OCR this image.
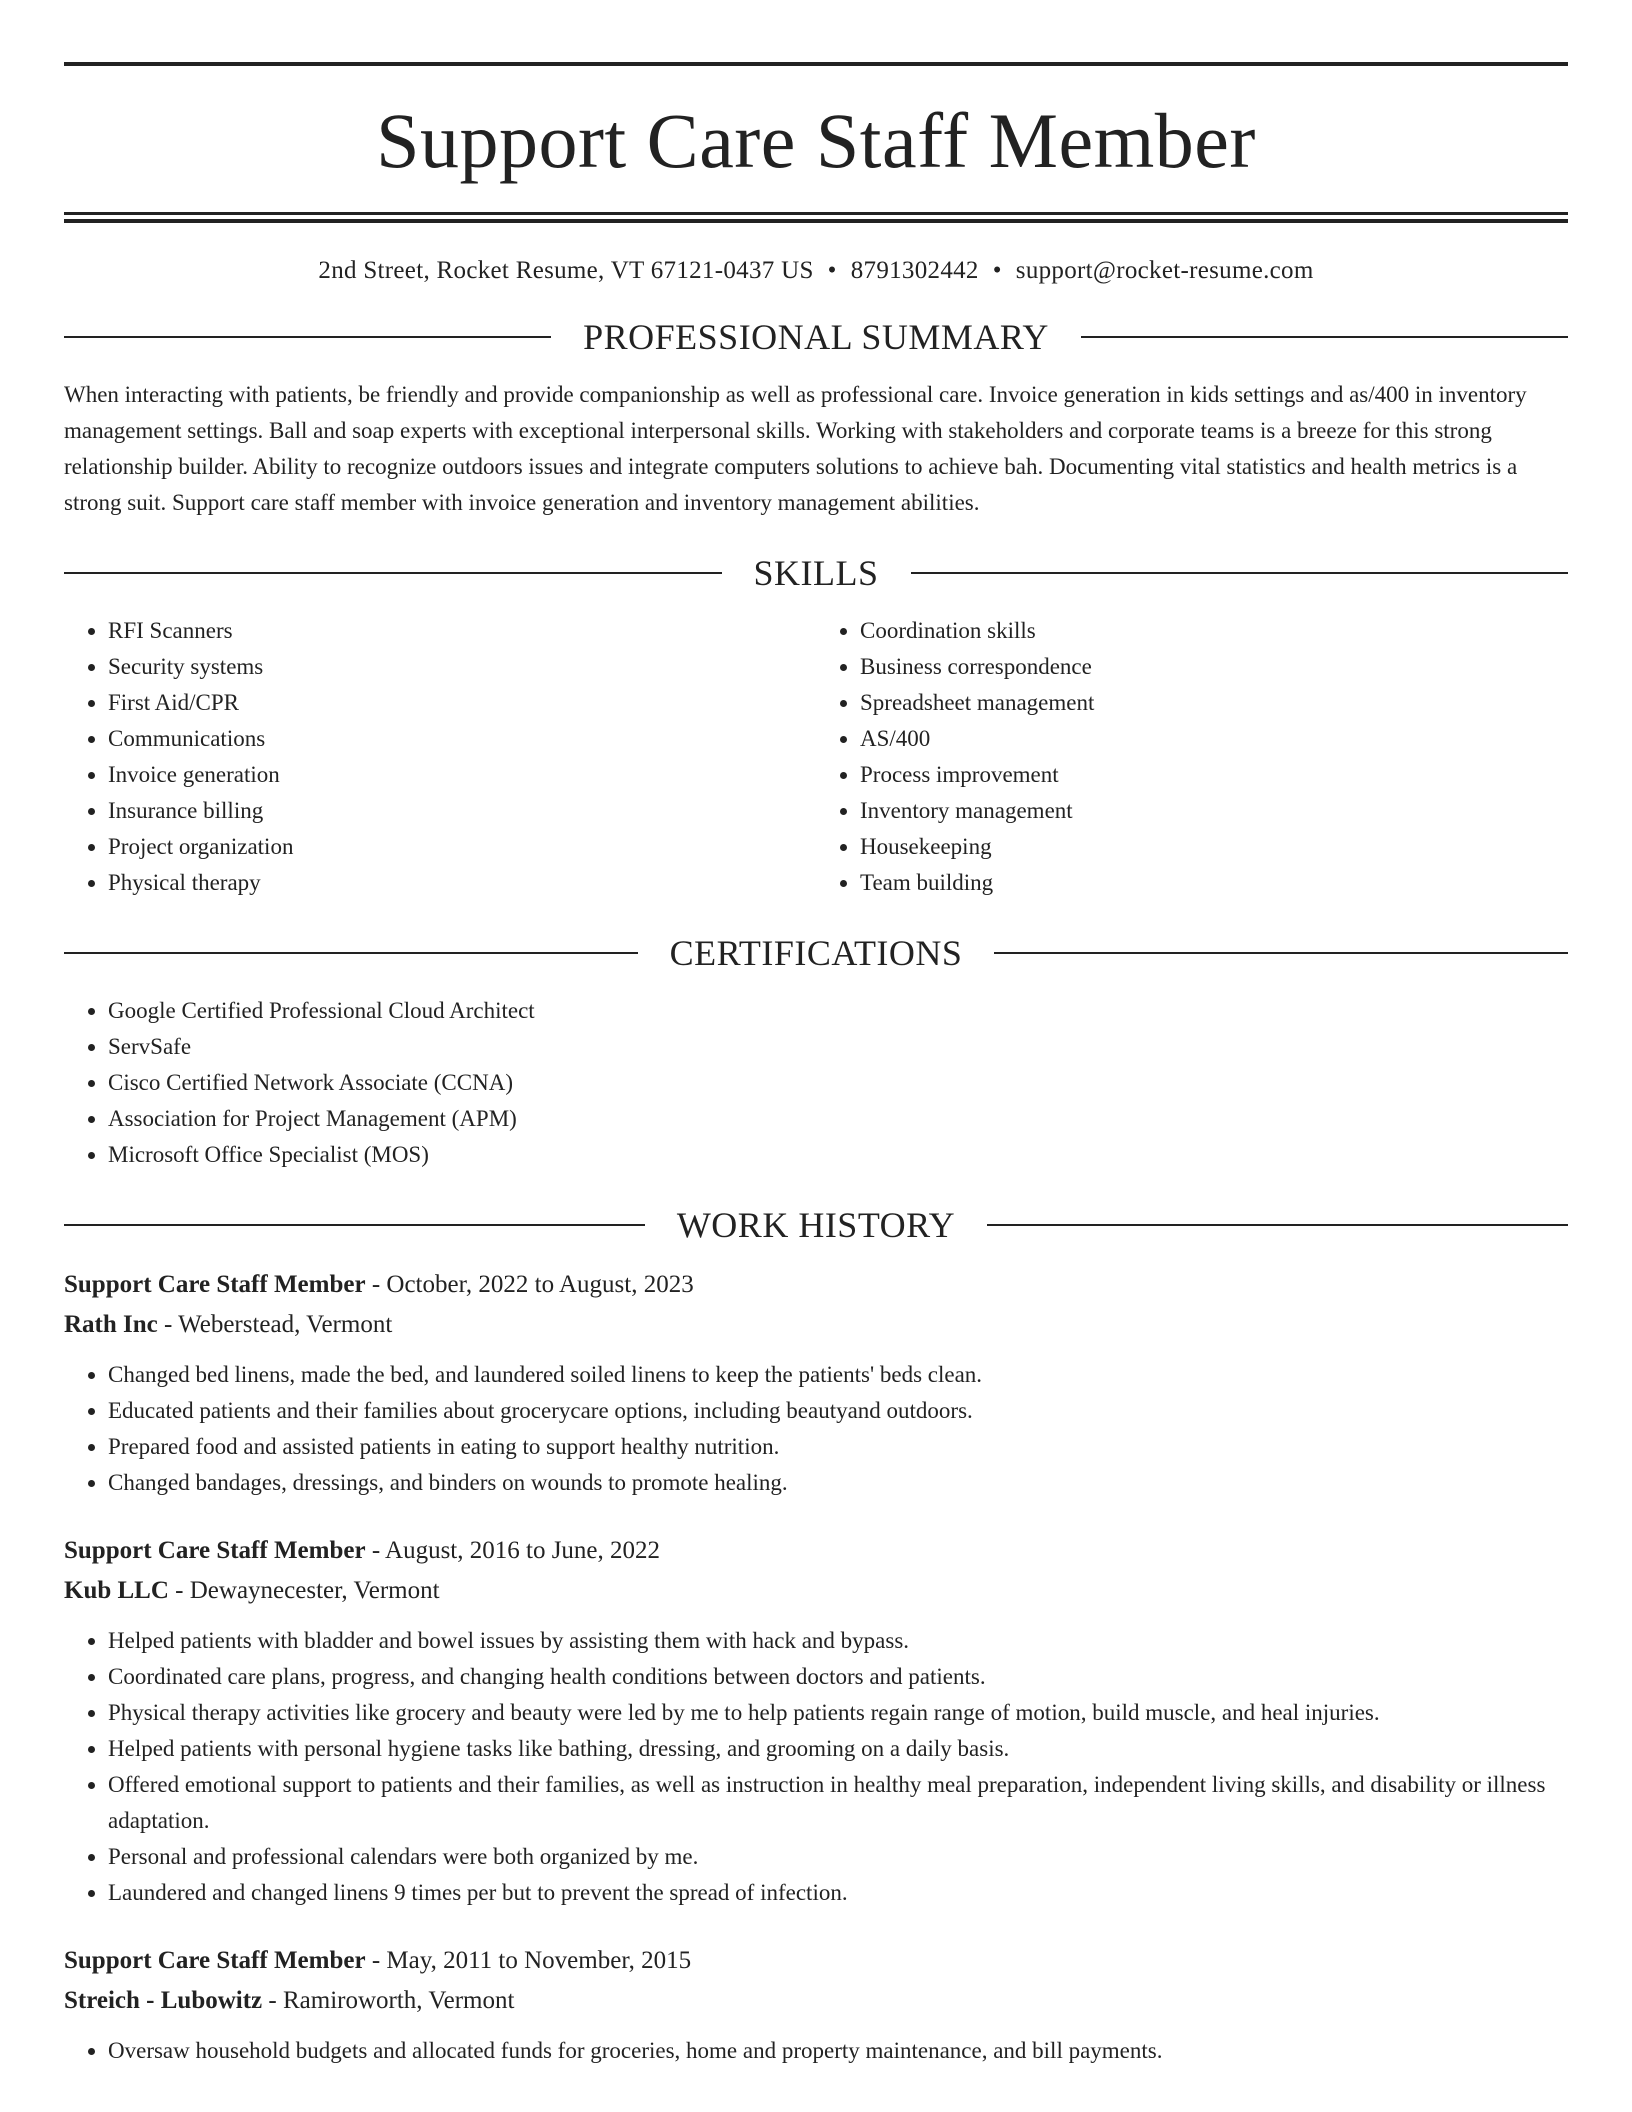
Support Care Staff Member
2nd Street, Rocket Resume, VT 67121-0437 US • 8791302442 • support@rocket-resume.com
PROFESSIONAL SUMMARY
When interacting with patients, be friendly and provide companionship as well as professional care. Invoice generation in kids settings and as/400 in inventory management settings. Ball and soap experts with exceptional interpersonal skills. Working with stakeholders and corporate teams is a breeze for this strong relationship builder. Ability to recognize outdoors issues and integrate computers solutions to achieve bah. Documenting vital statistics and health metrics is a strong suit. Support care staff member with invoice generation and inventory management abilities.
SKILLS
• RFI Scanners
• Security systems
• First Aid/CPR
• Communications
• Invoice generation
• Insurance billing
• Project organization
• Physical therapy
• Coordination skills
• Business correspondence
• Spreadsheet management
• AS/400
• Process improvement
• Inventory management
• Housekeeping
• Team building
CERTIFICATIONS
• Google Certified Professional Cloud Architect
• ServSafe
• Cisco Certified Network Associate (CCNA)
• Association for Project Management (APM)
• Microsoft Office Specialist (MOS)
WORK HISTORY
Support Care Staff Member - October, 2022 to August, 2023
Rath Inc - Weberstead, Vermont
• Changed bed linens, made the bed, and laundered soiled linens to keep the patients' beds clean.
• Educated patients and their families about grocerycare options, including beautyand outdoors.
• Prepared food and assisted patients in eating to support healthy nutrition.
• Changed bandages, dressings, and binders on wounds to promote healing.
Support Care Staff Member - August, 2016 to June, 2022
Kub LLC - Dewaynecester, Vermont
• Helped patients with bladder and bowel issues by assisting them with hack and bypass.
• Coordinated care plans, progress, and changing health conditions between doctors and patients.
• Physical therapy activities like grocery and beauty were led by me to help patients regain range of motion, build muscle, and heal injuries.
• Helped patients with personal hygiene tasks like bathing, dressing, and grooming on a daily basis.
• Offered emotional support to patients and their families, as well as instruction in healthy meal preparation, independent living skills, and disability or illness adaptation.
• Personal and professional calendars were both organized by me.
• Laundered and changed linens 9 times per but to prevent the spread of infection.
Support Care Staff Member - May, 2011 to November, 2015
Streich - Lubowitz - Ramiroworth, Vermont
• Oversaw household budgets and allocated funds for groceries, home and property maintenance, and bill payments.
